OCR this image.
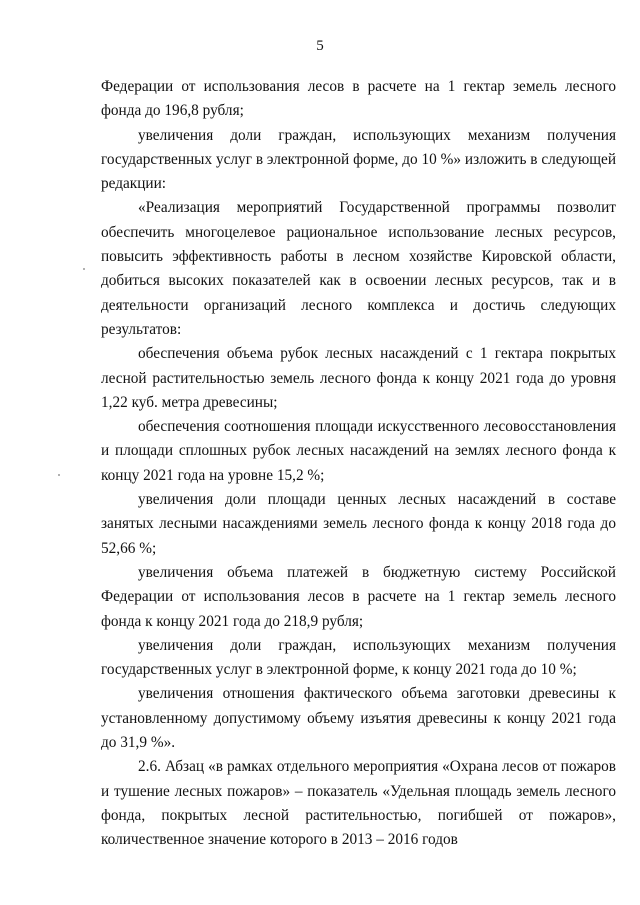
5

Федерации от использования лесов в расчете на 1 гектар земель лесного фонда до 196,8 рубля;

увеличения доли граждан, использующих механизм получения государственных услуг в электронной форме, до 10 %» изложить в следующей редакции:

«Реализация мероприятий Государственной программы позволит обеспечить многоцелевое рациональное использование лесных ресурсов, повысить эффективность работы в лесном хозяйстве Кировской области, добиться высоких показателей как в освоении лесных ресурсов, так и в деятельности организаций лесного комплекса и достичь следующих результатов:

обеспечения объема рубок лесных насаждений с 1 гектара покрытых лесной растительностью земель лесного фонда к концу 2021 года до уровня 1,22 куб. метра древесины;

обеспечения соотношения площади искусственного лесовосстановления и площади сплошных рубок лесных насаждений на землях лесного фонда к концу 2021 года на уровне 15,2 %;

увеличения доли площади ценных лесных насаждений в составе занятых лесными насаждениями земель лесного фонда к концу 2018 года до 52,66 %;

увеличения объема платежей в бюджетную систему Российской Федерации от использования лесов в расчете на 1 гектар земель лесного фонда к концу 2021 года до 218,9 рубля;

увеличения доли граждан, использующих механизм получения государственных услуг в электронной форме, к концу 2021 года до 10 %;

увеличения отношения фактического объема заготовки древесины к установленному допустимому объему изъятия древесины к концу 2021 года до 31,9 %».

2.6. Абзац «в рамках отдельного мероприятия «Охрана лесов от пожаров и тушение лесных пожаров» – показатель «Удельная площадь земель лесного фонда, покрытых лесной растительностью, погибшей от пожаров», количественное значение которого в 2013 – 2016 годов
